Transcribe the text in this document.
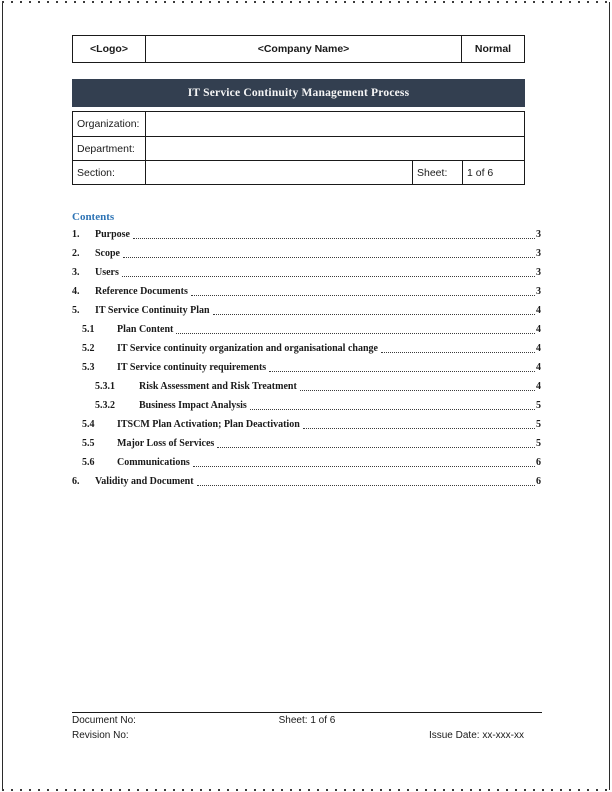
<Logo>	<Company Name>	Normal
IT Service Continuity Management Process
Organization:
Department:
Section:	Sheet:	1 of 6
Contents
1.	Purpose	3
2.	Scope	3
3.	Users	3
4.	Reference Documents	3
5.	IT Service Continuity Plan	4
5.1	Plan Content	4
5.2	IT Service continuity organization and organisational change	4
5.3	IT Service continuity requirements	4
5.3.1	Risk Assessment and Risk Treatment	4
5.3.2	Business Impact Analysis	5
5.4	ITSCM Plan Activation; Plan Deactivation	5
5.5	Major Loss of Services	5
5.6	Communications	6
6.	Validity and Document	6
Document No:	Sheet: 1 of 6
Revision No:	Issue Date: xx-xxx-xx
